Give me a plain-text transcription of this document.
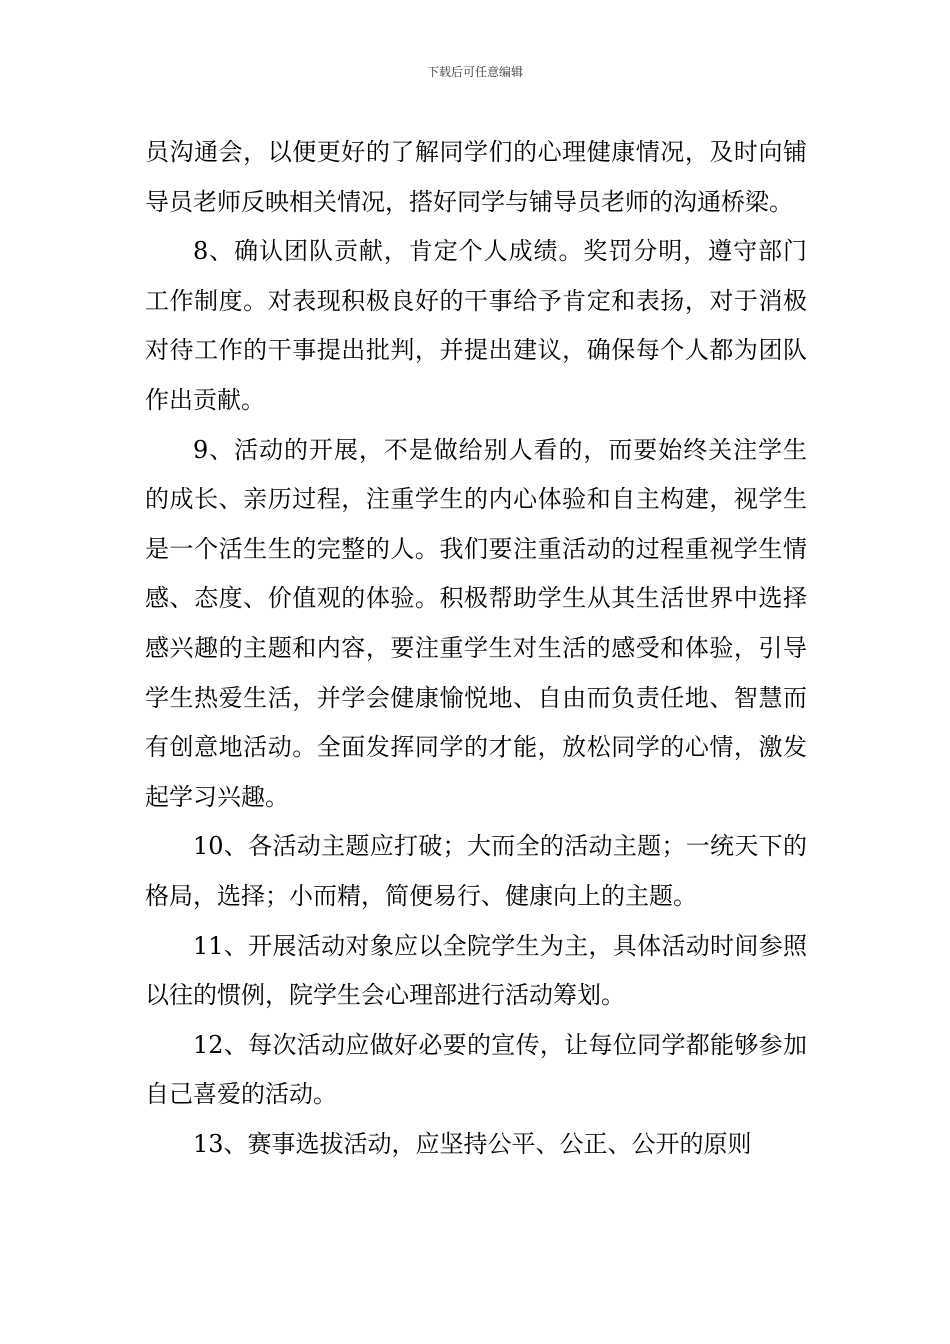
下载后可任意编辑

员沟通会，以便更好的了解同学们的心理健康情况，及时向铺导员老师反映相关情况，搭好同学与铺导员老师的沟通桥梁。

8、确认团队贡献，肯定个人成绩。奖罚分明，遵守部门工作制度。对表现积极良好的干事给予肯定和表扬，对于消极对待工作的干事提出批判，并提出建议，确保每个人都为团队作出贡献。

9、活动的开展，不是做给别人看的，而要始终关注学生的成长、亲历过程，注重学生的内心体验和自主构建，视学生是一个活生生的完整的人。我们要注重活动的过程重视学生情感、态度、价值观的体验。积极帮助学生从其生活世界中选择感兴趣的主题和内容，要注重学生对生活的感受和体验，引导学生热爱生活，并学会健康愉悦地、自由而负责任地、智慧而有创意地活动。全面发挥同学的才能，放松同学的心情，激发起学习兴趣。

10、各活动主题应打破；大而全的活动主题；一统天下的格局，选择；小而精，简便易行、健康向上的主题。

11、开展活动对象应以全院学生为主，具体活动时间参照以往的惯例，院学生会心理部进行活动筹划。

12、每次活动应做好必要的宣传，让每位同学都能够参加自己喜爱的活动。

13、赛事选拔活动，应坚持公平、公正、公开的原则
